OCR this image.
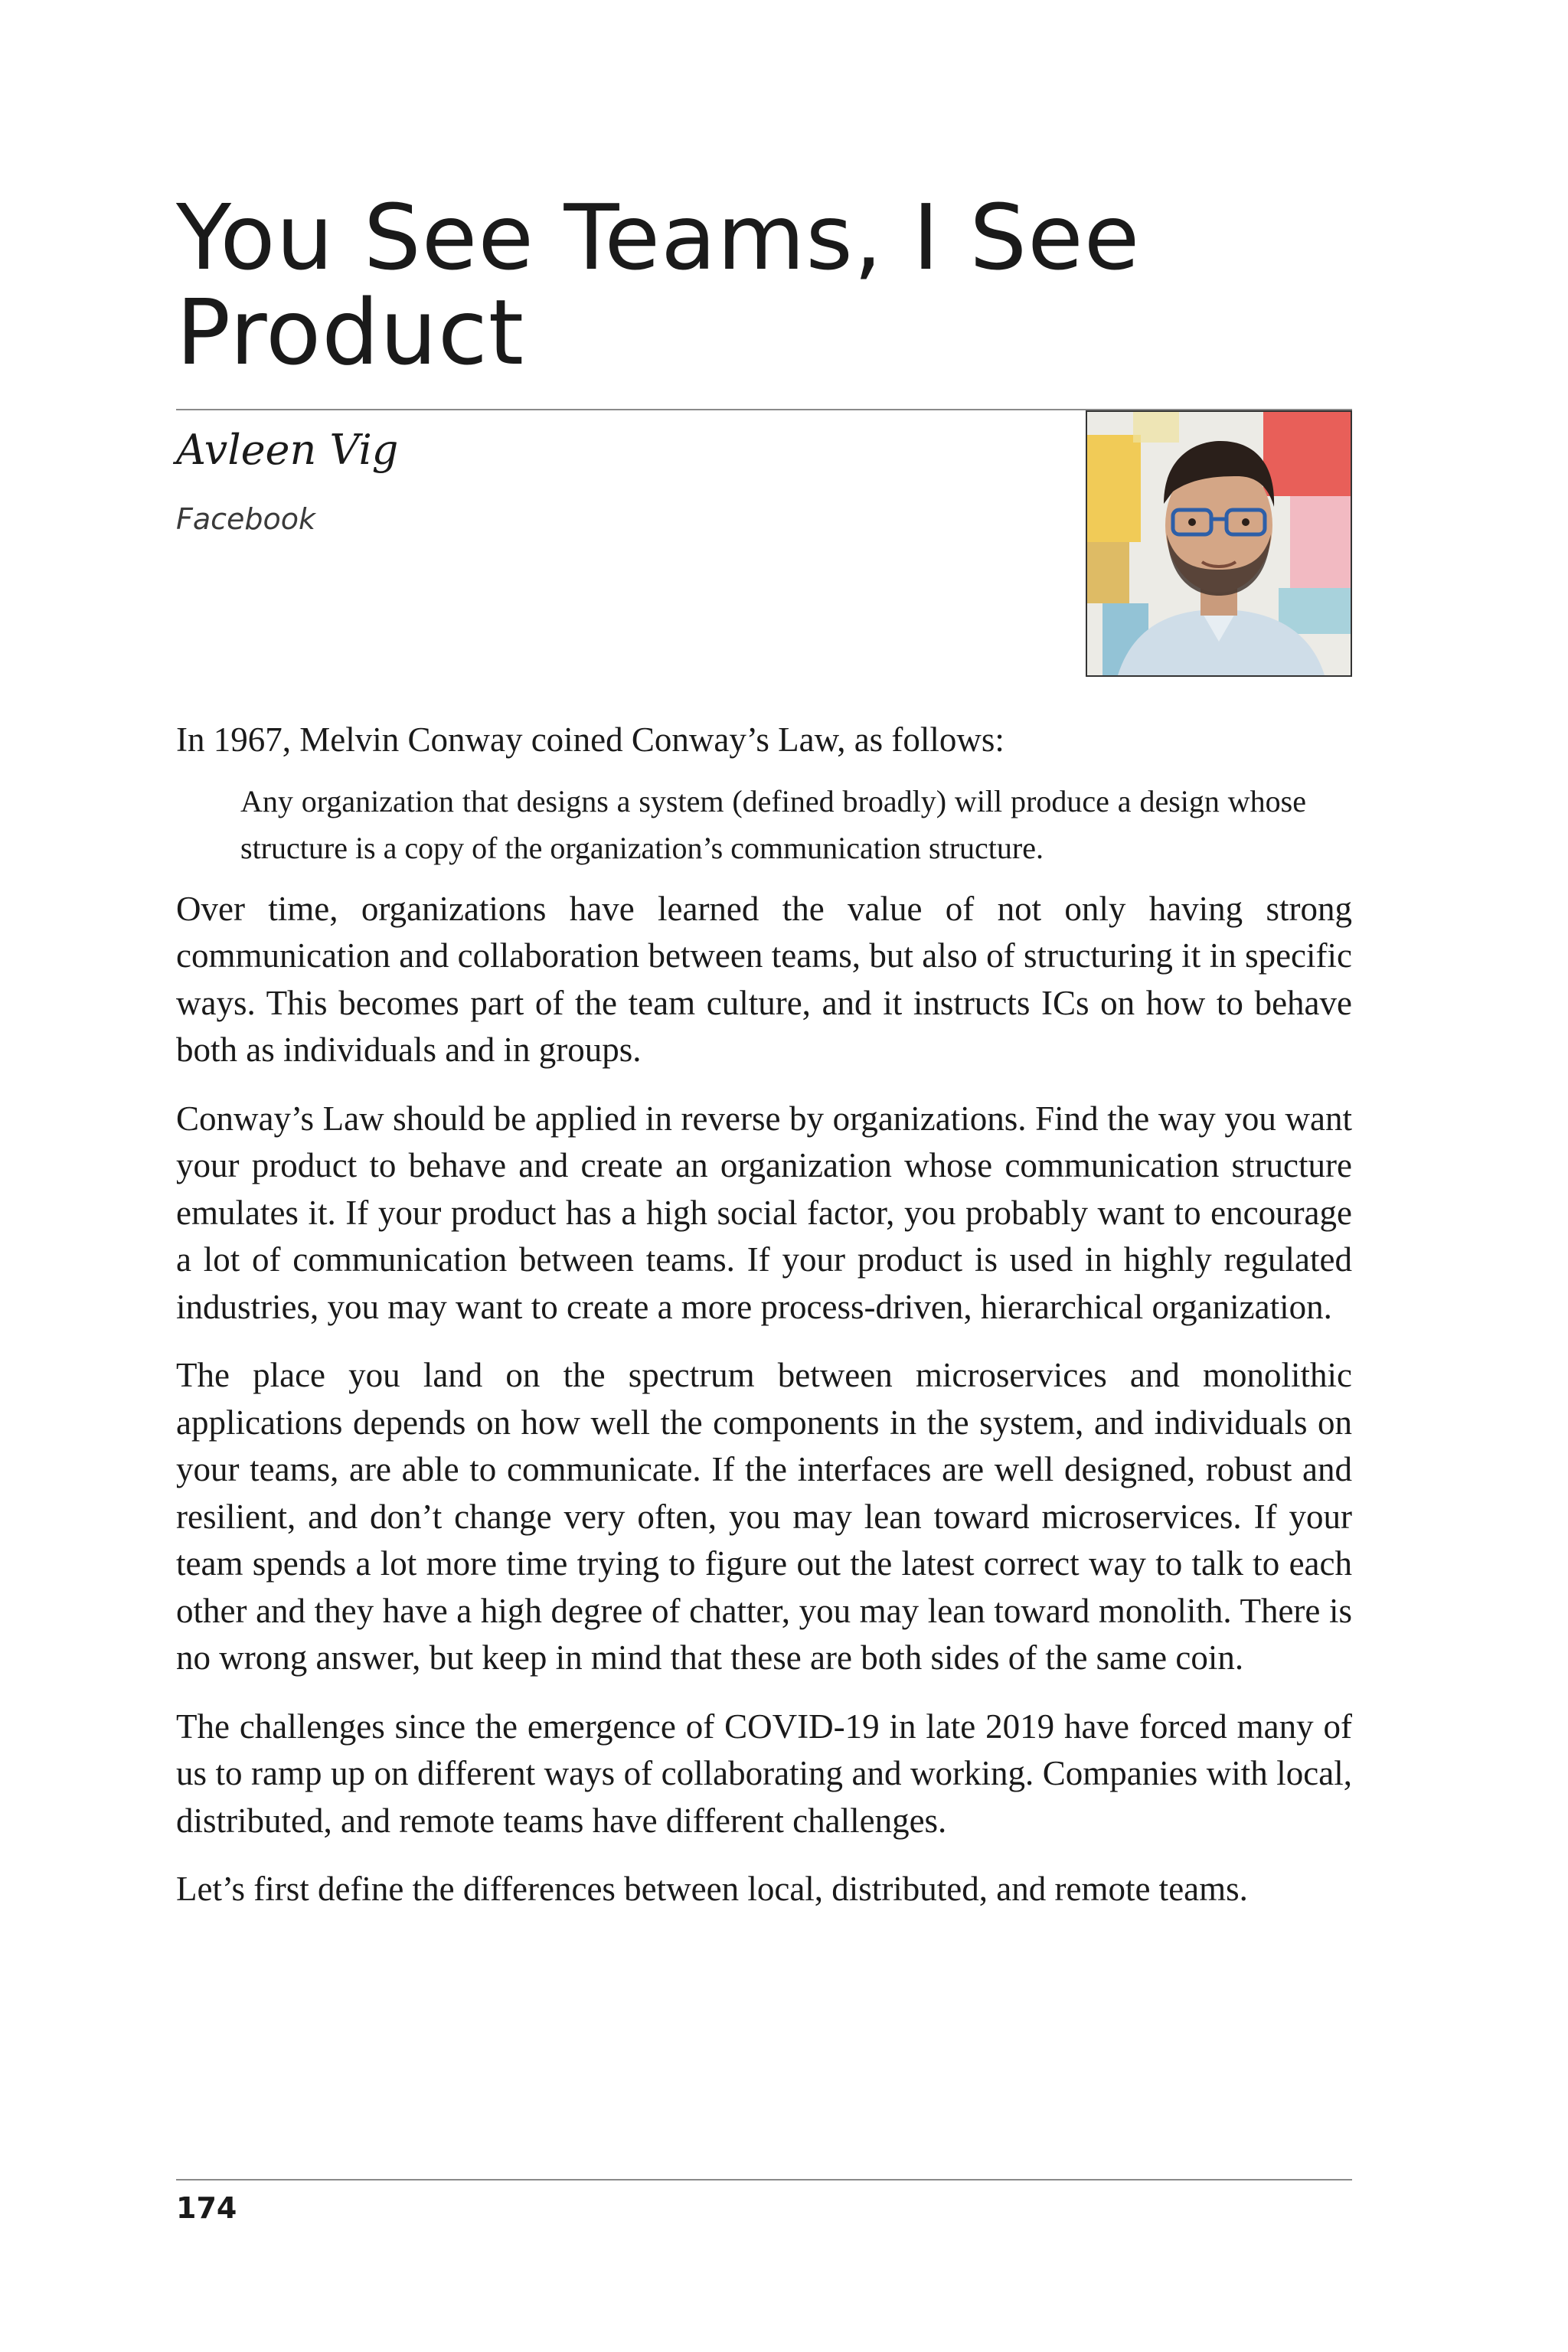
You See Teams, I See Product
Avleen Vig
Facebook

In 1967, Melvin Conway coined Conway’s Law, as follows:

Any organization that designs a system (defined broadly) will produce a design whose structure is a copy of the organization’s communication structure.

Over time, organizations have learned the value of not only having strong communication and collaboration between teams, but also of structuring it in specific ways. This becomes part of the team culture, and it instructs ICs on how to behave both as individuals and in groups.

Conway’s Law should be applied in reverse by organizations. Find the way you want your product to behave and create an organization whose communication structure emulates it. If your product has a high social factor, you probably want to encourage a lot of communication between teams. If your product is used in highly regulated industries, you may want to create a more process-driven, hierarchical organization.

The place you land on the spectrum between microservices and monolithic applications depends on how well the components in the system, and individuals on your teams, are able to communicate. If the interfaces are well designed, robust and resilient, and don’t change very often, you may lean toward microservices. If your team spends a lot more time trying to figure out the latest correct way to talk to each other and they have a high degree of chatter, you may lean toward monolith. There is no wrong answer, but keep in mind that these are both sides of the same coin.

The challenges since the emergence of COVID-19 in late 2019 have forced many of us to ramp up on different ways of collaborating and working. Companies with local, distributed, and remote teams have different challenges.

Let’s first define the differences between local, distributed, and remote teams.

174
